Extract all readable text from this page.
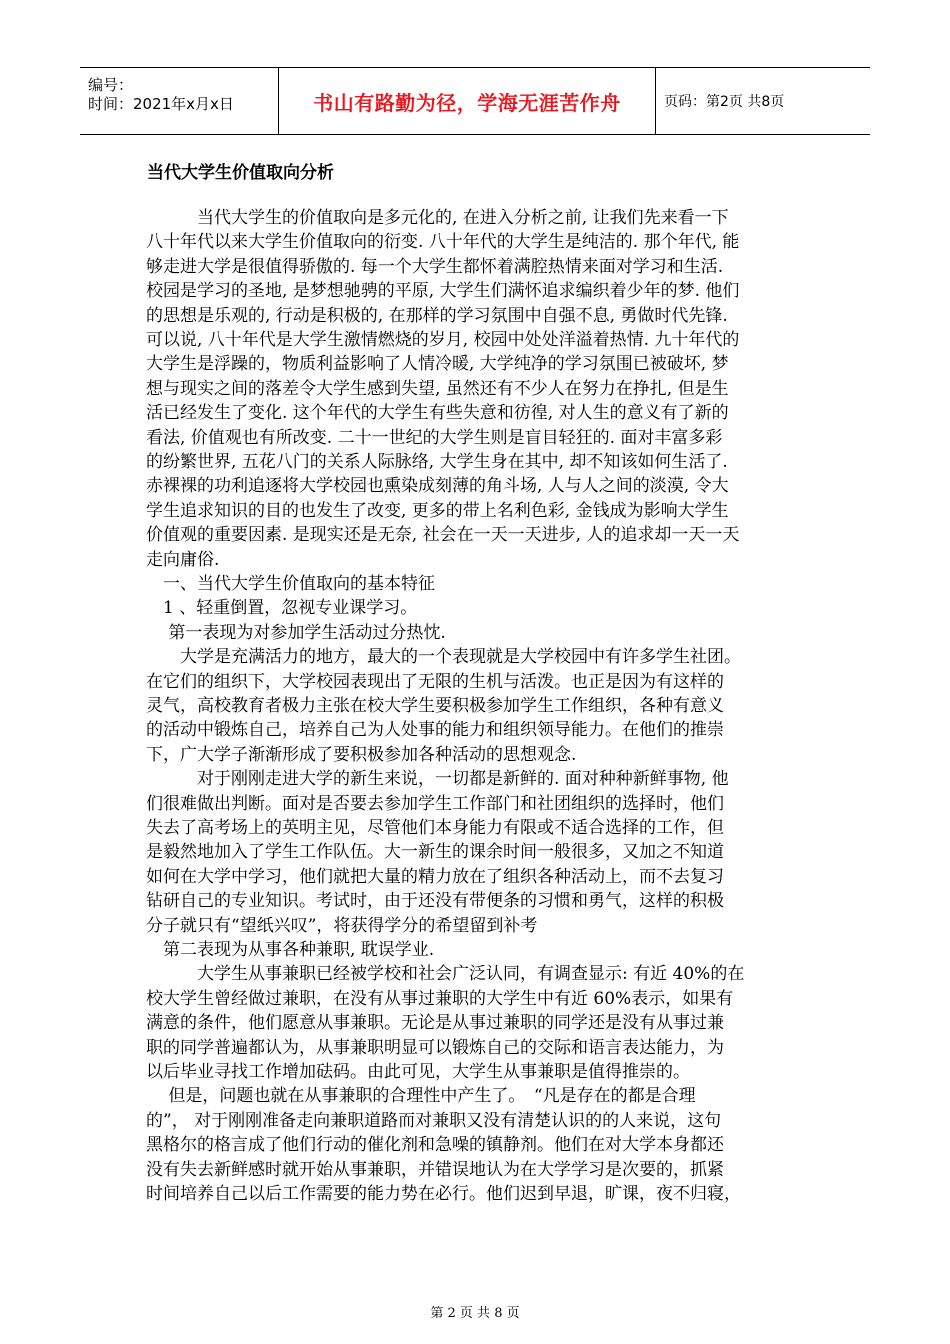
编号：
时间：2021年x月x日	书山有路勤为径，学海无涯苦作舟	页码：第2页 共8页
当代大学生价值取向分析
　　　当代大学生的价值取向是多元化的, 在进入分析之前, 让我们先来看一下
八十年代以来大学生价值取向的衍变. 八十年代的大学生是纯洁的. 那个年代, 能
够走进大学是很值得骄傲的. 每一个大学生都怀着满腔热情来面对学习和生活.
校园是学习的圣地, 是梦想驰骋的平原, 大学生们满怀追求编织着少年的梦. 他们
的思想是乐观的, 行动是积极的, 在那样的学习氛围中自强不息, 勇做时代先锋.
可以说, 八十年代是大学生激情燃烧的岁月, 校园中处处洋溢着热情. 九十年代的
大学生是浮躁的，物质利益影响了人情冷暖, 大学纯净的学习氛围已被破坏, 梦
想与现实之间的落差令大学生感到失望, 虽然还有不少人在努力在挣扎, 但是生
活已经发生了变化. 这个年代的大学生有些失意和彷徨, 对人生的意义有了新的
看法, 价值观也有所改变. 二十一世纪的大学生则是盲目轻狂的. 面对丰富多彩
的纷繁世界, 五花八门的关系人际脉络, 大学生身在其中, 却不知该如何生活了.
赤裸裸的功利追逐将大学校园也熏染成刻薄的角斗场, 人与人之间的淡漠, 令大
学生追求知识的目的也发生了改变, 更多的带上名利色彩, 金钱成为影响大学生
价值观的重要因素. 是现实还是无奈, 社会在一天一天进步, 人的追求却一天一天
走向庸俗.
　一、当代大学生价值取向的基本特征
　1 、轻重倒置，忽视专业课学习。
　 第一表现为对参加学生活动过分热忱.
　　大学是充满活力的地方，最大的一个表现就是大学校园中有许多学生社团。
在它们的组织下，大学校园表现出了无限的生机与活泼。也正是因为有这样的
灵气，高校教育者极力主张在校大学生要积极参加学生工作组织，各种有意义
的活动中锻炼自己，培养自己为人处事的能力和组织领导能力。在他们的推崇
下，广大学子渐渐形成了要积极参加各种活动的思想观念.
　　　对于刚刚走进大学的新生来说，一切都是新鲜的. 面对种种新鲜事物, 他
们很难做出判断。面对是否要去参加学生工作部门和社团组织的选择时，他们
失去了高考场上的英明主见，尽管他们本身能力有限或不适合选择的工作，但
是毅然地加入了学生工作队伍。大一新生的课余时间一般很多，又加之不知道
如何在大学中学习，他们就把大量的精力放在了组织各种活动上，而不去复习
钻研自己的专业知识。考试时，由于还没有带便条的习惯和勇气，这样的积极
分子就只有“望纸兴叹”，将获得学分的希望留到补考
　第二表现为从事各种兼职, 耽误学业.
　　　大学生从事兼职已经被学校和社会广泛认同，有调查显示: 有近 40%的在
校大学生曾经做过兼职，在没有从事过兼职的大学生中有近 60%表示，如果有
满意的条件，他们愿意从事兼职。无论是从事过兼职的同学还是没有从事过兼
职的同学普遍都认为，从事兼职明显可以锻炼自己的交际和语言表达能力，为
以后毕业寻找工作增加砝码。由此可见，大学生从事兼职是值得推崇的。
　 但是，问题也就在从事兼职的合理性中产生了。　“凡是存在的都是合理
的”， 对于刚刚准备走向兼职道路而对兼职又没有清楚认识的的人来说，这句
黑格尔的格言成了他们行动的催化剂和急噪的镇静剂。他们在对大学本身都还
没有失去新鲜感时就开始从事兼职，并错误地认为在大学学习是次要的，抓紧
时间培养自己以后工作需要的能力势在必行。他们迟到早退，旷课，夜不归寝，
第 2 页 共 8 页
